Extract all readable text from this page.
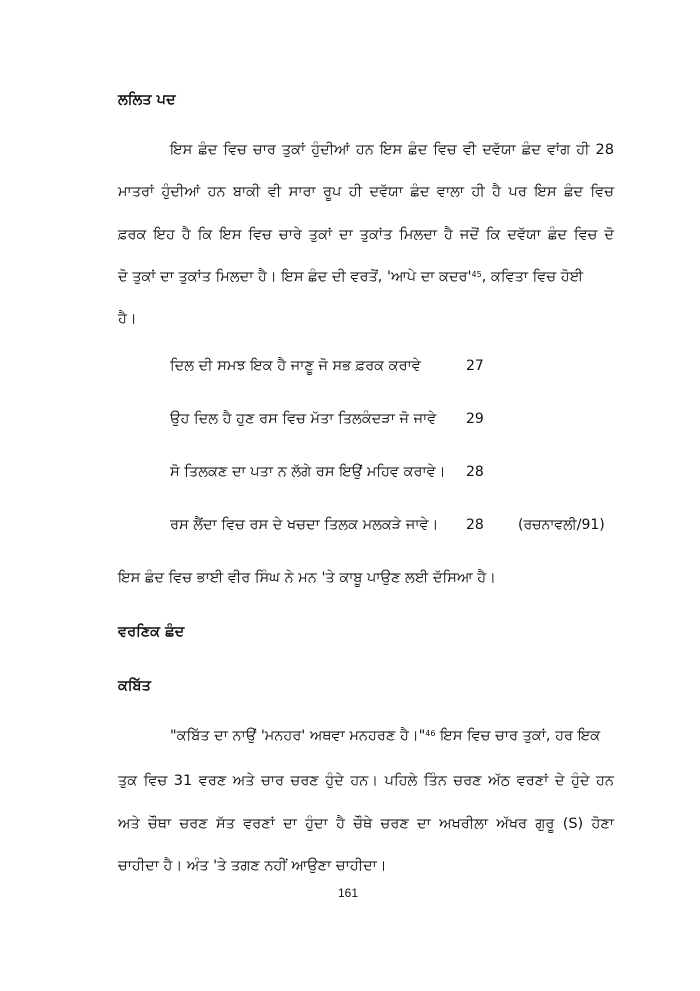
ਲਲਿਤ ਪਦ
ਇਸ ਛੰਦ ਵਿਚ ਚਾਰ ਤੁਕਾਂ ਹੁੰਦੀਆਂ ਹਨ ਇਸ ਛੰਦ ਵਿਚ ਵੀ ਦਵੱਯਾ ਛੰਦ ਵਾਂਗ ਹੀ 28
ਮਾਤਰਾਂ ਹੁੰਦੀਆਂ ਹਨ ਬਾਕੀ ਵੀ ਸਾਰਾ ਰੂਪ ਹੀ ਦਵੱਯਾ ਛੰਦ ਵਾਲਾ ਹੀ ਹੈ ਪਰ ਇਸ ਛੰਦ ਵਿਚ
ਫ਼ਰਕ ਇਹ ਹੈ ਕਿ ਇਸ ਵਿਚ ਚਾਰੇ ਤੁਕਾਂ ਦਾ ਤੁਕਾਂਤ ਮਿਲਦਾ ਹੈ ਜਦੋਂ ਕਿ ਦਵੱਯਾ ਛੰਦ ਵਿਚ ਦੋ
ਦੋ ਤੁਕਾਂ ਦਾ ਤੁਕਾਂਤ ਮਿਲਦਾ ਹੈ। ਇਸ ਛੰਦ ਦੀ ਵਰਤੋਂ, 'ਆਪੇ ਦਾ $ਕਦਰ'^{45}$, ਕਵਿਤਾ ਵਿਚ ਹੋਈ
ਹੈ।
ਦਿਲ ਦੀ ਸਮਝ ਇਕ ਹੈ ਜਾਣੂ ਜੋ ਸਭ ਫ਼ਰਕ ਕਰਾਵੇ	27
ਉਹ ਦਿਲ ਹੈ ਹੁਣ ਰਸ ਵਿਚ ਮੱਤਾ ਤਿਲਕੰਦੜਾ ਜੋ ਜਾਵੇ 29
ਸੋ ਤਿਲਕਣ ਦਾ ਪਤਾ ਨ ਲੱਗੇ ਰਸ ਇਉਂ ਮਹਿਵ ਕਰਾਵੇ। 28
ਰਸ ਲੈਂਦਾ ਵਿਚ ਰਸ ਦੇ ਖਚਦਾ ਤਿਲਕ ਮਲਕੜੇ ਜਾਵੇ। 28 (ਰਚਨਾਵਲੀ/91)
ਇਸ ਛੰਦ ਵਿਚ ਭਾਈ ਵੀਰ ਸਿੰਘ ਨੇ ਮਨ 'ਤੇ ਕਾਬੂ ਪਾਉਣ ਲਈ ਦੱਸਿਆ ਹੈ।
ਵਰਣਿਕ ਛੰਦ
ਕਬਿੱਤ
"ਕਬਿੱਤ ਦਾ ਨਾਉਂ 'ਮਨਹਰ' ਅਥਵਾ ਮਨਹਰਣ ਹੈ।"$^{46}$ ਇਸ ਵਿਚ ਚਾਰ ਤੁਕਾਂ, ਹਰ ਇਕ
ਤੁਕ ਵਿਚ 31 ਵਰਣ ਅਤੇ ਚਾਰ ਚਰਣ ਹੁੰਦੇ ਹਨ। ਪਹਿਲੇ ਤਿੰਨ ਚਰਣ ਅੱਠ ਵਰਣਾਂ ਦੇ ਹੁੰਦੇ ਹਨ
ਅਤੇ ਚੌਥਾ ਚਰਣ ਸੱਤ ਵਰਣਾਂ ਦਾ ਹੁੰਦਾ ਹੈ ਚੌਥੇ ਚਰਣ ਦਾ ਅਖਰੀਲਾ ਅੱਖਰ ਗੁਰੂ (S) ਹੋਣਾ
ਚਾਹੀਦਾ ਹੈ। ਅੰਤ 'ਤੇ ਤਗਣ ਨਹੀਂ ਆਉਣਾ ਚਾਹੀਦਾ।
161
